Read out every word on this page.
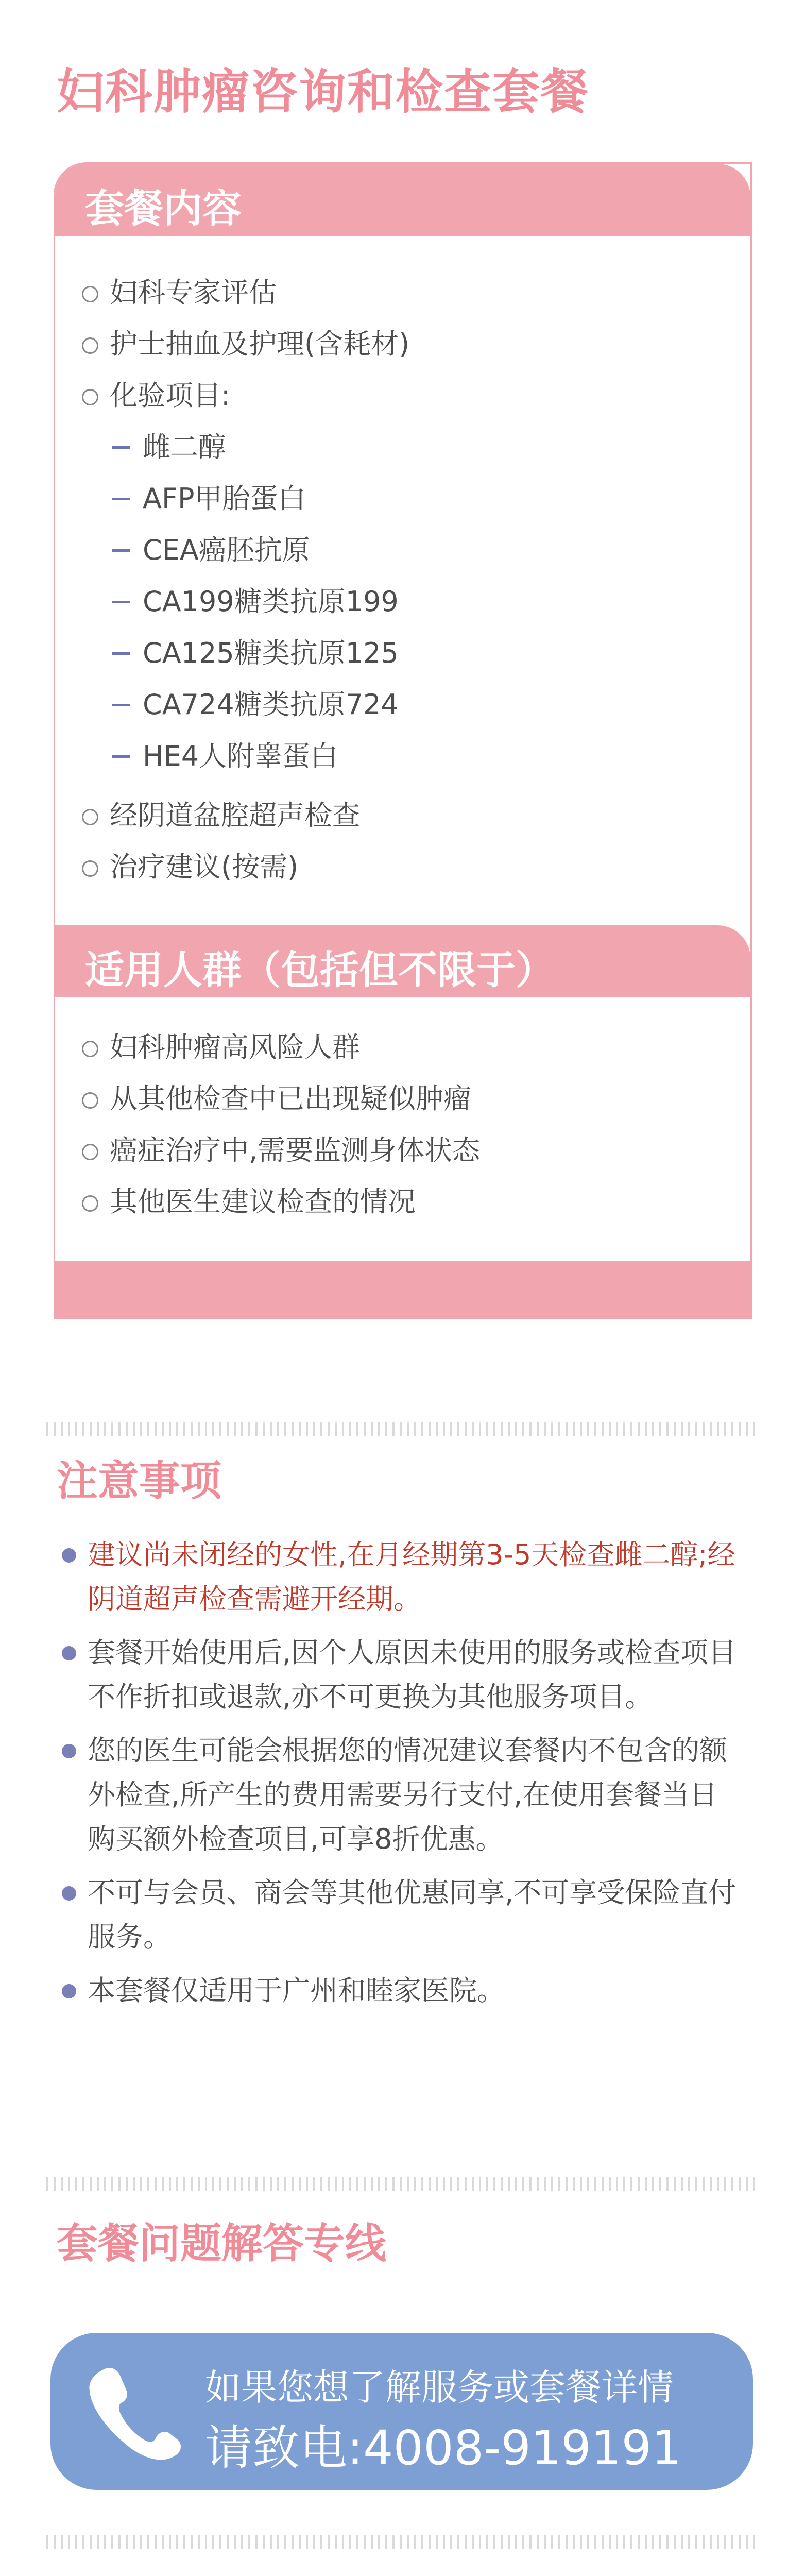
妇科肿瘤咨询和检查套餐
套餐内容
妇科专家评估
护士抽血及护理(含耗材)
化验项目:
雌二醇
AFP甲胎蛋白
CEA癌胚抗原
CA199糖类抗原199
CA125糖类抗原125
CA724糖类抗原724
HE4人附睾蛋白
经阴道盆腔超声检查
治疗建议(按需)
适用人群（包括但不限于）
妇科肿瘤高风险人群
从其他检查中已出现疑似肿瘤
癌症治疗中,需要监测身体状态
其他医生建议检查的情况
注意事项
建议尚未闭经的女性,在月经期第3-5天检查雌二醇;经阴道超声检查需避开经期。
套餐开始使用后,因个人原因未使用的服务或检查项目不作折扣或退款,亦不可更换为其他服务项目。
您的医生可能会根据您的情况建议套餐内不包含的额外检查,所产生的费用需要另行支付,在使用套餐当日购买额外检查项目,可享8折优惠。
不可与会员、商会等其他优惠同享,不可享受保险直付服务。
本套餐仅适用于广州和睦家医院。
套餐问题解答专线
如果您想了解服务或套餐详情
请致电:4008-919191
